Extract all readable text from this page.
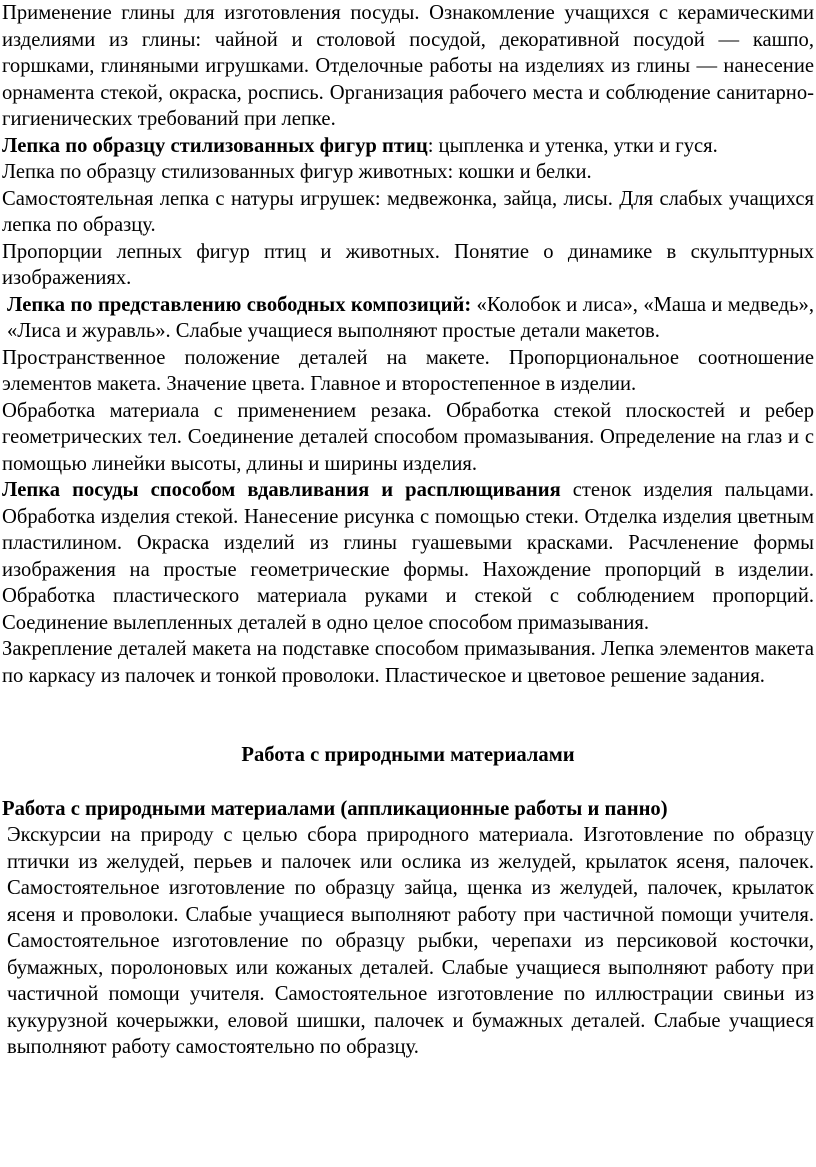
Применение глины для изготовления посуды. Ознакомление учащихся с керамическими изделиями из глины: чайной и столовой посудой, декоративной посудой — кашпо, горшками, глиняными игрушками. Отделочные работы на изделиях из глины — нанесение орнамента стекой, окраска, роспись. Организация рабочего места и соблюдение санитарно-гигиенических требований при лепке.

Лепка по образцу стилизованных фигур птиц: цыпленка и утенка, утки и гуся.

Лепка по образцу стилизованных фигур животных: кошки и белки.

Самостоятельная лепка с натуры игрушек: медвежонка, зайца, лисы. Для слабых учащихся лепка по образцу.

Пропорции лепных фигур птиц и животных. Понятие о динамике в скульптурных изображениях.

Лепка по представлению свободных композиций: «Колобок и лиса», «Маша и медведь», «Лиса и журавль». Слабые учащиеся выполняют простые детали макетов.

Пространственное положение деталей на макете. Пропорциональное соотношение элементов макета. Значение цвета. Главное и второстепенное в изделии.

Обработка материала с применением резака. Обработка стекой плоскостей и ребер геометрических тел. Соединение деталей способом промазывания. Определение на глаз и с помощью линейки высоты, длины и ширины изделия.

Лепка посуды способом вдавливания и расплющивания стенок изделия пальцами. Обработка изделия стекой. Нанесение рисунка с помощью стеки. Отделка изделия цветным пластилином. Окраска изделий из глины гуашевыми красками. Расчленение формы изображения на простые геометрические формы. Нахождение пропорций в изделии. Обработка пластического материала руками и стекой с соблюдением пропорций. Соединение вылепленных деталей в одно целое способом примазывания.

Закрепление деталей макета на подставке способом примазывания. Лепка элементов макета по каркасу из палочек и тонкой проволоки. Пластическое и цветовое решение задания.

Работа с природными материалами

Работа с природными материалами (аппликационные работы и панно)

Экскурсии на природу с целью сбора природного материала. Изготовление по образцу птички из желудей, перьев и палочек или ослика из желудей, крылаток ясеня, палочек. Самостоятельное изготовление по образцу зайца, щенка из желудей, палочек, крылаток ясеня и проволоки. Слабые учащиеся выполняют работу при частичной помощи учителя. Самостоятельное изготовление по образцу рыбки, черепахи из персиковой косточки, бумажных, поролоновых или кожаных деталей. Слабые учащиеся выполняют работу при частичной помощи учителя. Самостоятельное изготовление по иллюстрации свиньи из кукурузной кочерыжки, еловой шишки, палочек и бумажных деталей. Слабые учащиеся выполняют работу самостоятельно по образцу.
